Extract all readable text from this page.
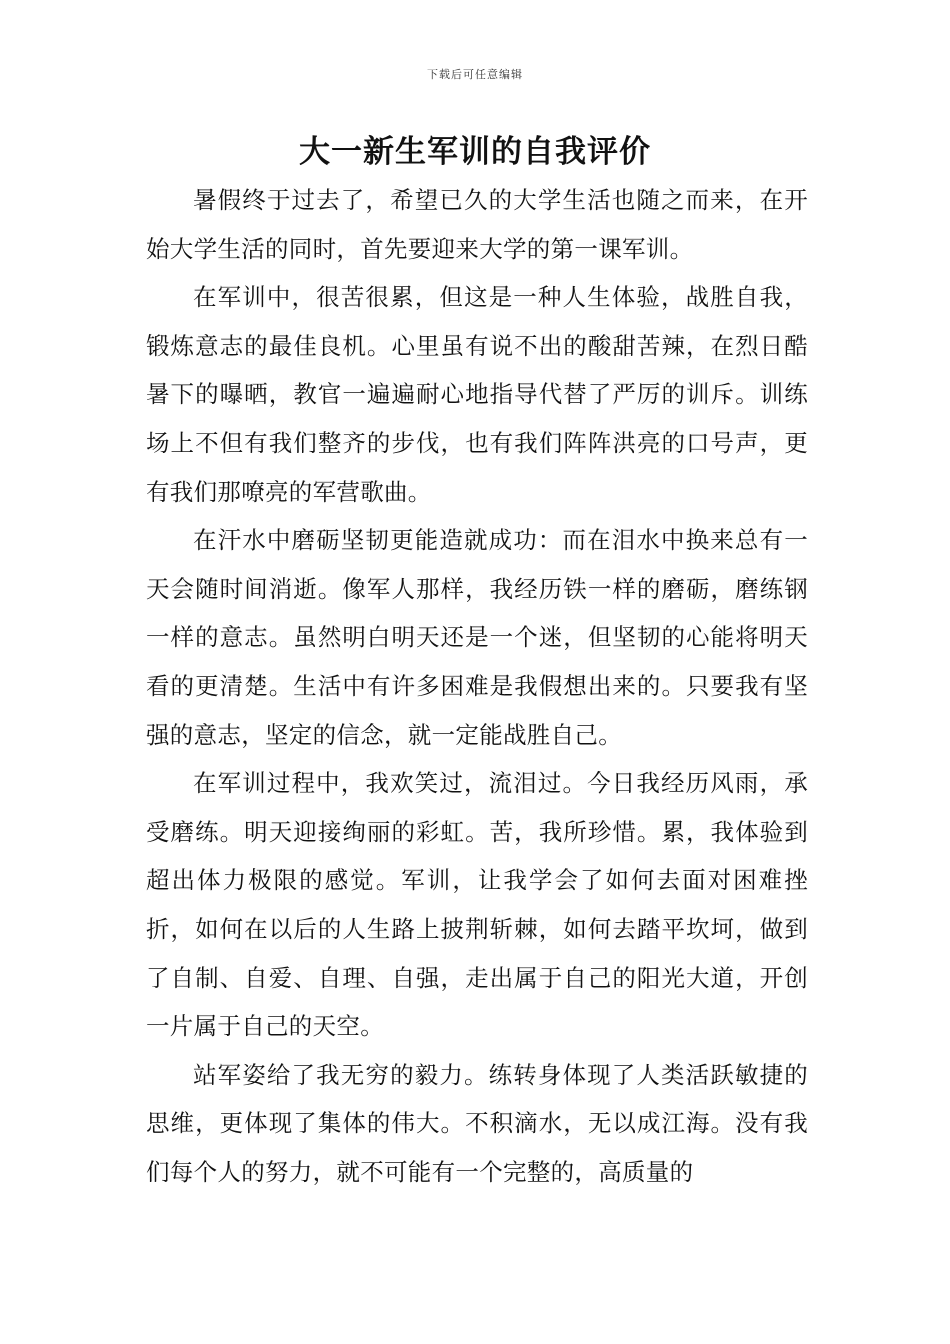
下载后可任意编辑
大一新生军训的自我评价

暑假终于过去了，希望已久的大学生活也随之而来，在开始大学生活的同时，首先要迎来大学的第一课军训。

在军训中，很苦很累，但这是一种人生体验，战胜自我，锻炼意志的最佳良机。心里虽有说不出的酸甜苦辣，在烈日酷暑下的曝晒，教官一遍遍耐心地指导代替了严厉的训斥。训练场上不但有我们整齐的步伐，也有我们阵阵洪亮的口号声，更有我们那嘹亮的军营歌曲。

在汗水中磨砺坚韧更能造就成功：而在泪水中换来总有一天会随时间消逝。像军人那样，我经历铁一样的磨砺，磨练钢一样的意志。虽然明白明天还是一个迷，但坚韧的心能将明天看的更清楚。生活中有许多困难是我假想出来的。只要我有坚强的意志，坚定的信念，就一定能战胜自己。

在军训过程中，我欢笑过，流泪过。今日我经历风雨，承受磨练。明天迎接绚丽的彩虹。苦，我所珍惜。累，我体验到超出体力极限的感觉。军训，让我学会了如何去面对困难挫折，如何在以后的人生路上披荆斩棘，如何去踏平坎坷，做到了自制、自爱、自理、自强，走出属于自己的阳光大道，开创一片属于自己的天空。

站军姿给了我无穷的毅力。练转身体现了人类活跃敏捷的思维，更体现了集体的伟大。不积滴水，无以成江海。没有我们每个人的努力，就不可能有一个完整的，高质量的
